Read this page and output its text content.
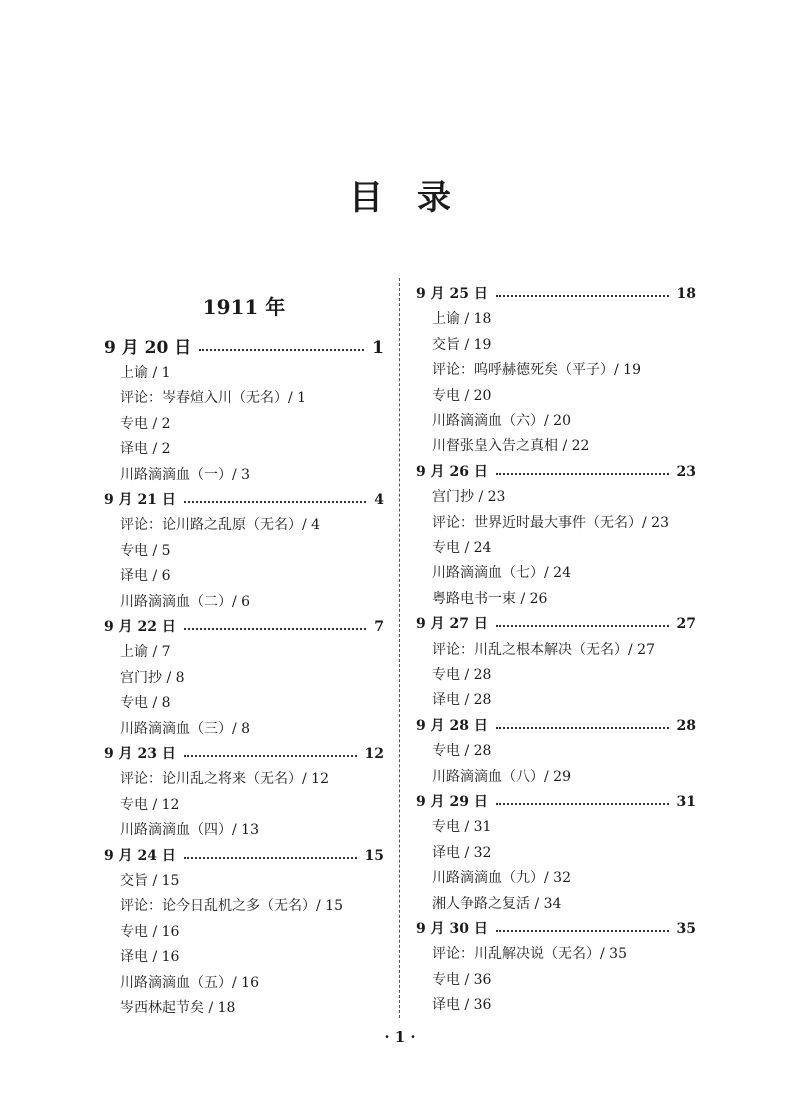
目 录
1911 年
9 月 20 日	1
上谕 / 1
评论：岑春煊入川（无名）/ 1
专电 / 2
译电 / 2
川路滴滴血（一）/ 3
9 月 21 日	4
评论：论川路之乱原（无名）/ 4
专电 / 5
译电 / 6
川路滴滴血（二）/ 6
9 月 22 日	7
上谕 / 7
宫门抄 / 8
专电 / 8
川路滴滴血（三）/ 8
9 月 23 日	12
评论：论川乱之将来（无名）/ 12
专电 / 12
川路滴滴血（四）/ 13
9 月 24 日	15
交旨 / 15
评论：论今日乱机之多（无名）/ 15
专电 / 16
译电 / 16
川路滴滴血（五）/ 16
岑西林起节矣 / 18
9 月 25 日	18
上谕 / 18
交旨 / 19
评论：呜呼赫德死矣（平子）/ 19
专电 / 20
川路滴滴血（六）/ 20
川督张皇入告之真相 / 22
9 月 26 日	23
宫门抄 / 23
评论：世界近时最大事件（无名）/ 23
专电 / 24
川路滴滴血（七）/ 24
粤路电书一束 / 26
9 月 27 日	27
评论：川乱之根本解决（无名）/ 27
专电 / 28
译电 / 28
9 月 28 日	28
专电 / 28
川路滴滴血（八）/ 29
9 月 29 日	31
专电 / 31
译电 / 32
川路滴滴血（九）/ 32
湘人争路之复活 / 34
9 月 30 日	35
评论：川乱解决说（无名）/ 35
专电 / 36
译电 / 36
· 1 ·
